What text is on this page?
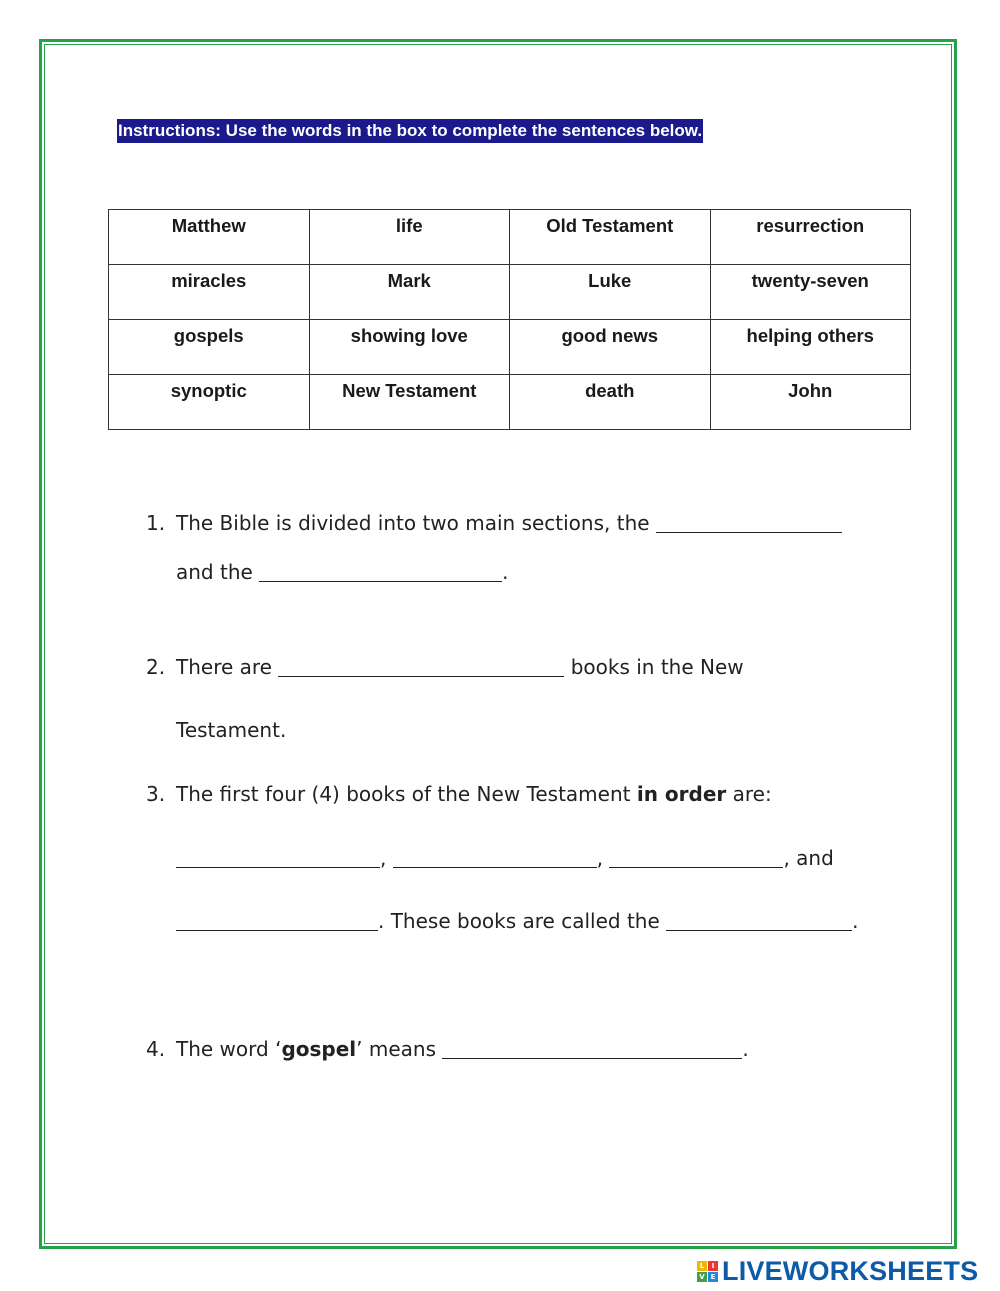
Instructions: Use the words in the box to complete the sentences below.
Matthew	life	Old Testament	resurrection
miracles	Mark	Luke	twenty-seven
gospels	showing love	good news	helping others
synoptic	New Testament	death	John
1. The Bible is divided into two main sections, the
and the	.
2. There are	books in the New
Testament.
3. The first four (4) books of the New Testament in order are:
,	,	, and
. These books are called the	.
4. The word ‘gospel’ means	.
L	I
V E LIVEWORKSHEETS
